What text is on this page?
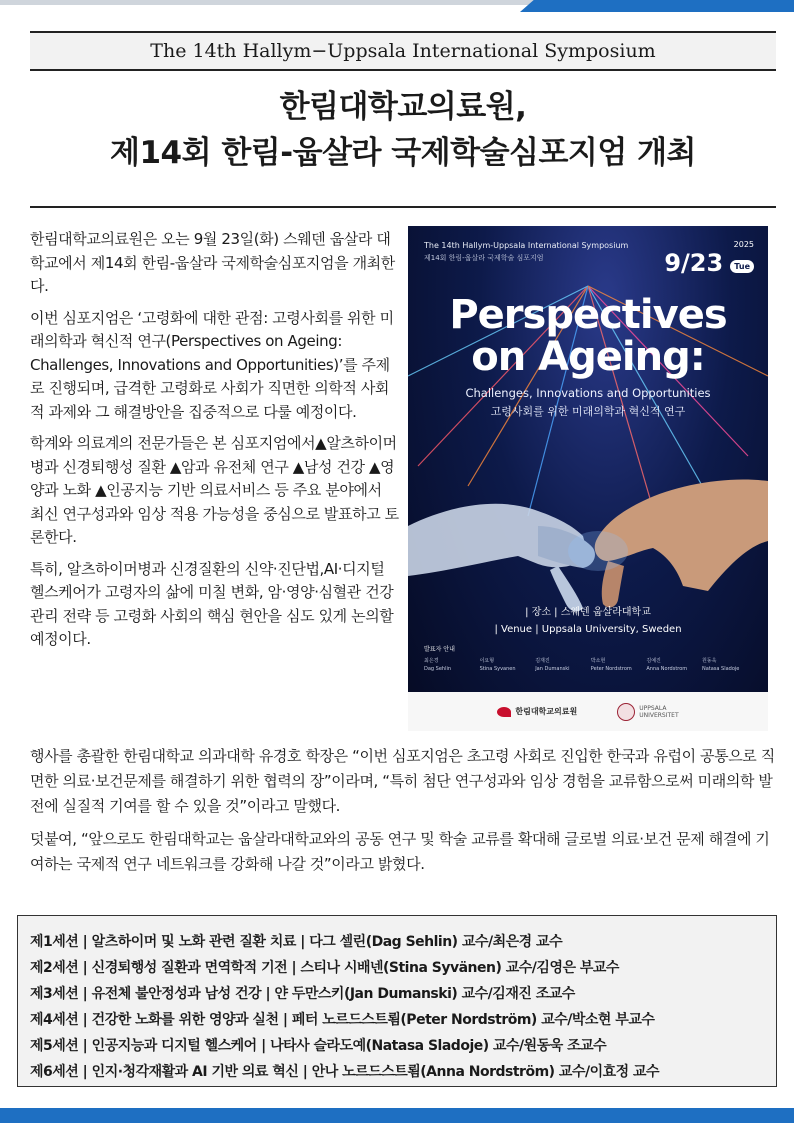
The 14th Hallym−Uppsala International Symposium
한림대학교의료원,
제14회 한림-웁살라 국제학술심포지엄 개최

한림대학교의료원은 오는 9월 23일(화) 스웨덴 웁살라 대학교에서 제14회 한림-웁살라 국제학술심포지엄을 개최한다.

이번 심포지엄은 ‘고령화에 대한 관점: 고령사회를 위한 미래의학과 혁신적 연구(Perspectives on Ageing: Challenges, Innovations and Opportunities)’를 주제로 진행되며, 급격한 고령화로 사회가 직면한 의학적 사회적 과제와 그 해결방안을 집중적으로 다룰 예정이다.

학계와 의료계의 전문가들은 본 심포지엄에서▲알츠하이머병과 신경퇴행성 질환 ▲암과 유전체 연구 ▲남성 건강 ▲영양과 노화 ▲인공지능 기반 의료서비스 등 주요 분야에서 최신 연구성과와 임상 적용 가능성을 중심으로 발표하고 토론한다.

특히, 알츠하이머병과 신경질환의 신약·진단법,AI·디지털 헬스케어가 고령자의 삶에 미칠 변화, 암·영양·심혈관 건강 관리 전략 등 고령화 사회의 핵심 현안을 심도 있게 논의할 예정이다.

The 14th Hallym-Uppsala International Symposium
제14회 한림-웁살라 국제학술 심포지엄
2025
9/23 Tue
Perspectives
on Ageing:
Challenges, Innovations and Opportunities
고령사회를 위한 미래의학과 혁신적 연구
| 장소 | 스웨덴 웁살라대학교
| Venue | Uppsala University, Sweden
발표자 안내
최은경
Dag Sehlin
이요형
Stina Syvanen
김재진
Jan Dumanski
박소현
Peter Nordstrom
김예진
Anna Nordstrom
원동욱
Natasa Sladoje
한림대학교의료원	UPPSALA
UNIVERSITET

행사를 총괄한 한림대학교 의과대학 유경호 학장은 “이번 심포지엄은 초고령 사회로 진입한 한국과 유럽이 공통으로 직면한 의료·보건문제를 해결하기 위한 협력의 장”이라며, “특히 첨단 연구성과와 임상 경험을 교류함으로써 미래의학 발전에 실질적 기여를 할 수 있을 것”이라고 말했다.

덧붙여, “앞으로도 한림대학교는 웁살라대학교와의 공동 연구 및 학술 교류를 확대해 글로벌 의료·보건 문제 해결에 기여하는 국제적 연구 네트워크를 강화해 나갈 것”이라고 밝혔다.

제1세션 | 알츠하이머 및 노화 관련 질환 치료 | 다그 셀린(Dag Sehlin) 교수/최은경 교수
제2세션 | 신경퇴행성 질환과 면역학적 기전 | 스티나 시배넨(Stina Syvänen) 교수/김영은 부교수
제3세션 | 유전체 불안정성과 남성 건강 | 얀 두만스키(Jan Dumanski) 교수/김재진 조교수
제4세션 | 건강한 노화를 위한 영양과 실천 | 페터 노르드스트룀(Peter Nordström) 교수/박소현 부교수
제5세션 | 인공지능과 디지털 헬스케어 | 나타사 슬라도예(Natasa Sladoje) 교수/원동욱 조교수
제6세션 | 인지·청각재활과 AI 기반 의료 혁신 | 안나 노르드스트룀(Anna Nordström) 교수/이효정 교수
